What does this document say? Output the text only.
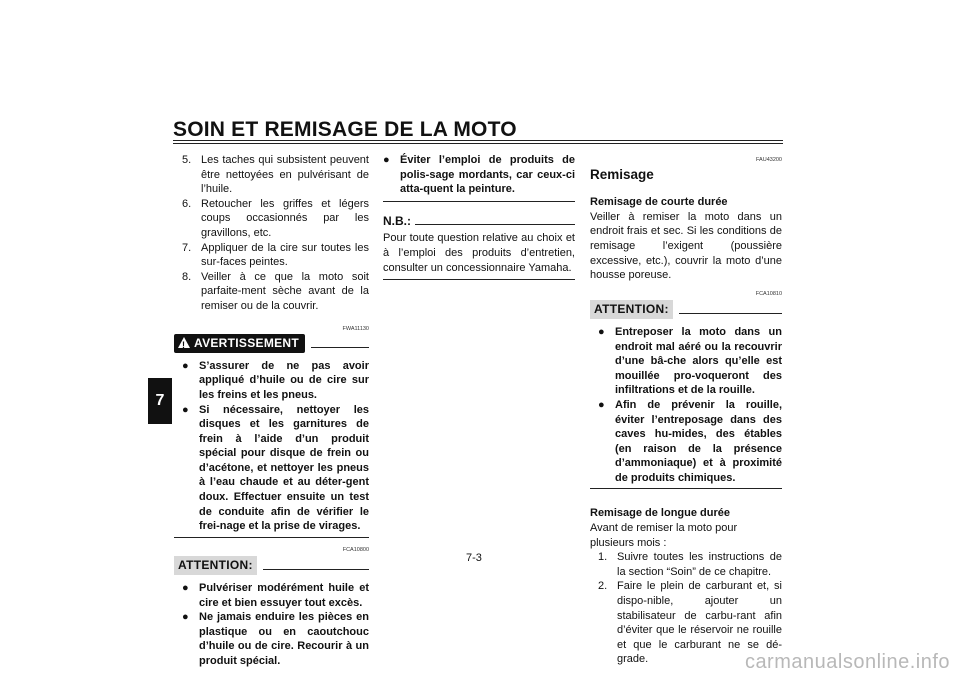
SOIN ET REMISAGE DE LA MOTO
7
5. Les taches qui subsistent peuvent être nettoyées en pulvérisant de l’huile.
6. Retoucher les griffes et légers coups occasionnés par les gravillons, etc.
7. Appliquer de la cire sur toutes les sur-faces peintes.
8. Veiller à ce que la moto soit parfaite-ment sèche avant de la remiser ou de la couvrir.
FWA11130
! AVERTISSEMENT
● S’assurer de ne pas avoir appliqué d’huile ou de cire sur les freins et les pneus.
● Si nécessaire, nettoyer les disques et les garnitures de frein à l’aide d’un produit spécial pour disque de frein ou d’acétone, et nettoyer les pneus à l’eau chaude et au déter-gent doux. Effectuer ensuite un test de conduite afin de vérifier le frei-nage et la prise de virages.
FCA10800
ATTENTION:
● Pulvériser modérément huile et cire et bien essuyer tout excès.
● Ne jamais enduire les pièces en plastique ou en caoutchouc d’huile ou de cire. Recourir à un produit spécial.
● Éviter l’emploi de produits de polis-sage mordants, car ceux-ci atta-quent la peinture.
N.B.:
Pour toute question relative au choix et à l’emploi des produits d’entretien, consulter un concessionnaire Yamaha.
FAU43200
Remisage
Remisage de courte durée
Veiller à remiser la moto dans un endroit frais et sec. Si les conditions de remisage l’exigent (poussière excessive, etc.), couvrir la moto d’une housse poreuse.
FCA10810
ATTENTION:
● Entreposer la moto dans un endroit mal aéré ou la recouvrir d’une bâ-che alors qu’elle est mouillée pro-voqueront des infiltrations et de la rouille.
● Afin de prévenir la rouille, éviter l’entreposage dans des caves hu-mides, des étables (en raison de la présence d’ammoniaque) et à proximité de produits chimiques.
Remisage de longue durée
Avant de remiser la moto pour plusieurs mois :
1. Suivre toutes les instructions de la section “Soin” de ce chapitre.
2. Faire le plein de carburant et, si dispo-nible, ajouter un stabilisateur de carbu-rant afin d’éviter que le réservoir ne rouille et que le carburant ne se dé-grade.
7-3
carmanualsonline.info
